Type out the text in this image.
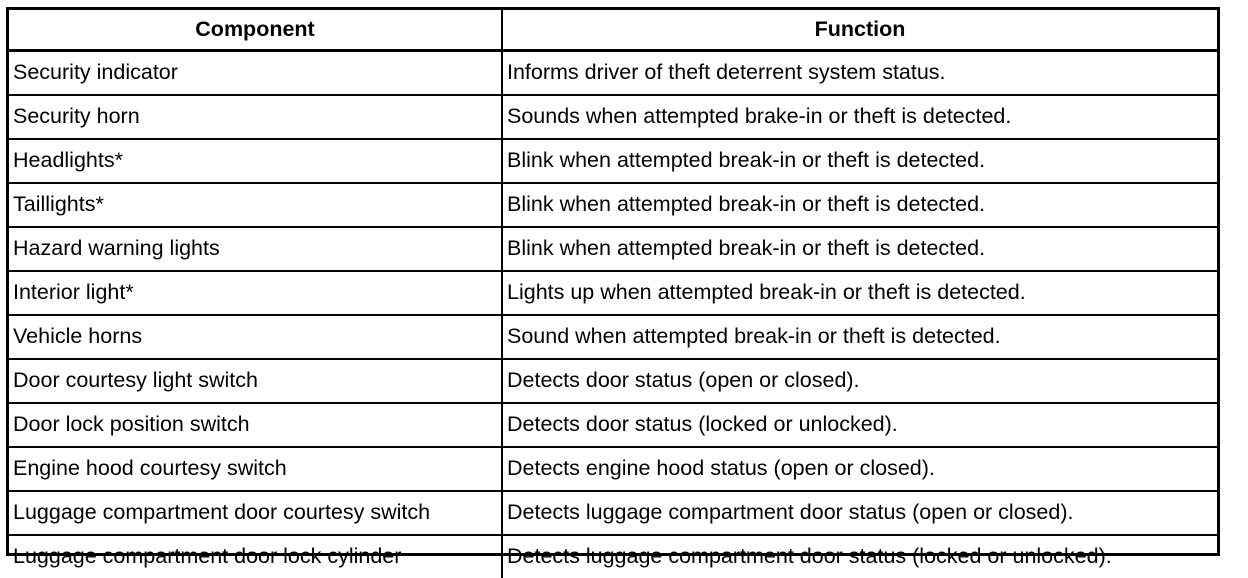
Component	Function
Security indicator	Informs driver of theft deterrent system status.
Security horn	Sounds when attempted brake-in or theft is detected.
Headlights*	Blink when attempted break-in or theft is detected.
Taillights*	Blink when attempted break-in or theft is detected.
Hazard warning lights	Blink when attempted break-in or theft is detected.
Interior light*	Lights up when attempted break-in or theft is detected.
Vehicle horns	Sound when attempted break-in or theft is detected.
Door courtesy light switch	Detects door status (open or closed).
Door lock position switch	Detects door status (locked or unlocked).
Engine hood courtesy switch	Detects engine hood status (open or closed).
Luggage compartment door courtesy switch	Detects luggage compartment door status (open or closed).
Luggage compartment door lock cylinder	Detects luggage compartment door status (locked or unlocked).
